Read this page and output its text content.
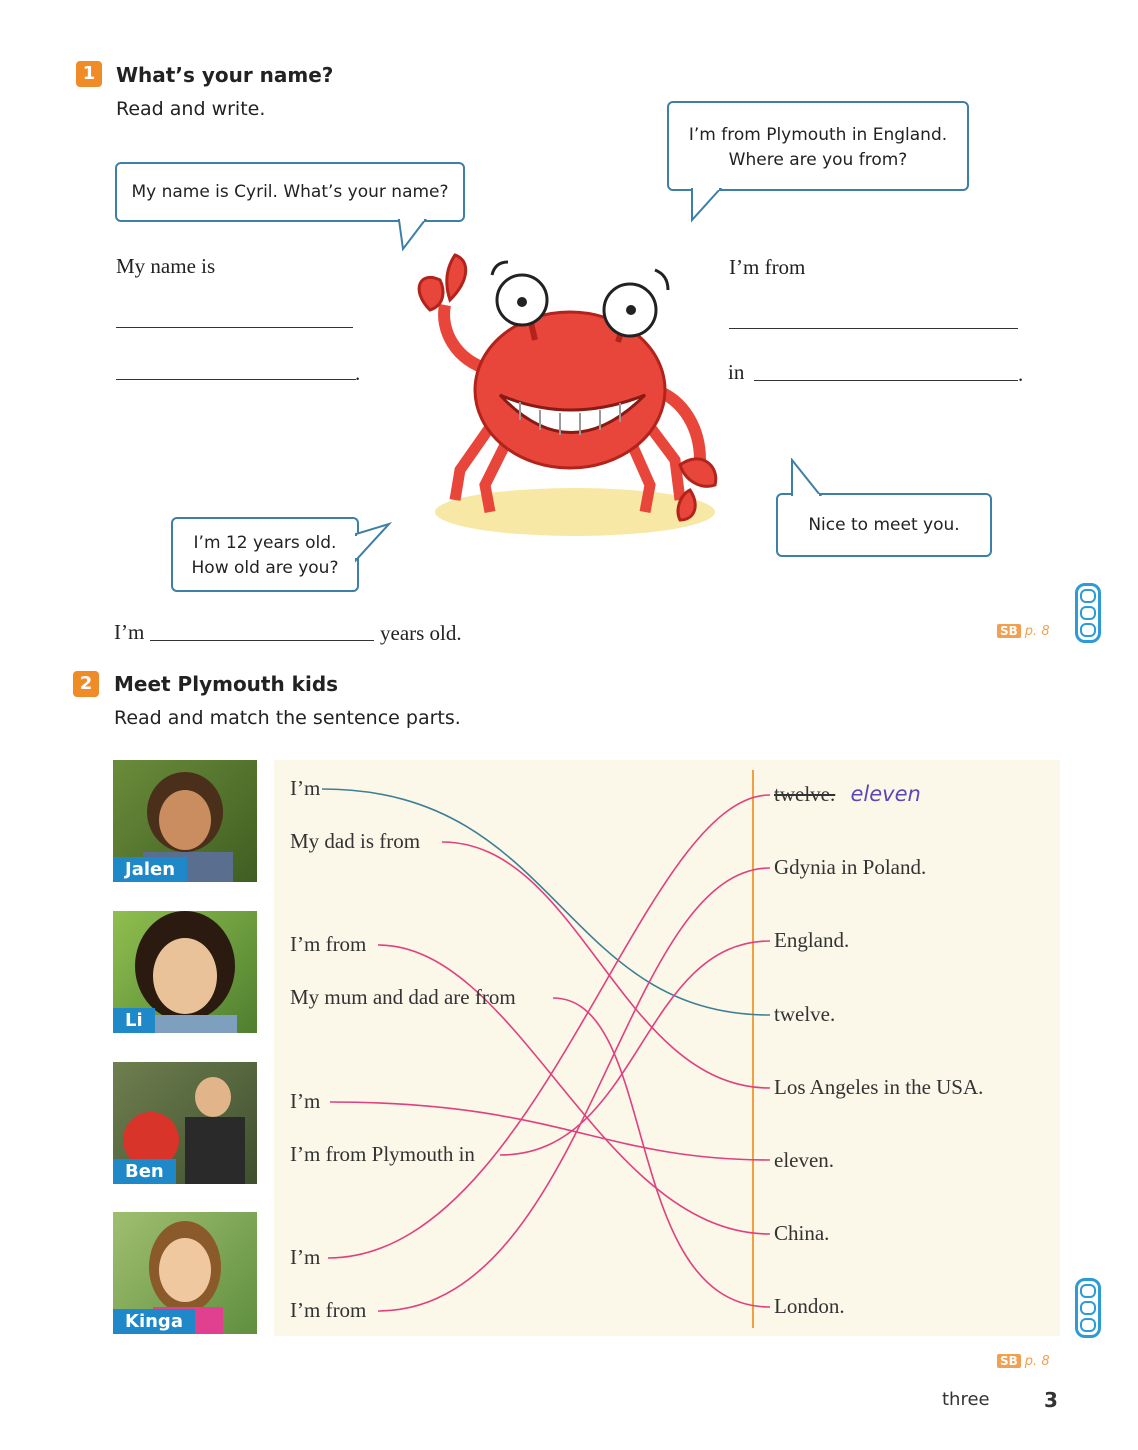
1	What’s your name?
Read and write.
My name is Cyril. What’s your name?
I’m from Plymouth in England.
Where are you from?
My name is
.
I’m from
in	.
I’m 12 years old.
How old are you?
Nice to meet you.
I’m	years old.	SB p. 8
2	Meet Plymouth kids
Read and match the sentence parts.
Jalen
Li
Ben
Kinga
I’m
My dad is from
I’m from
My mum and dad are from
I’m
I’m from Plymouth in
I’m
I’m from
twelve. eleven
Gdynia in Poland.
England.
twelve.
Los Angeles in the USA.
eleven.
China.
London.
SB p. 8
three	3
